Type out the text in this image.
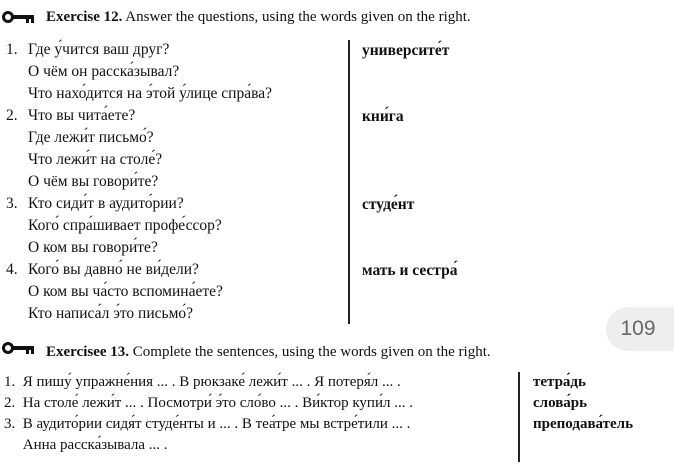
Exercise 12. Answer the questions, using the words given on the right.
1. Где у́чится ваш друг?
О чём он расска́зывал?
Что нахо́дится на э́той у́лице спра́ва?
2. Что вы чита́ете?
Где лежи́т письмо́?
Что лежи́т на столе́?
О чём вы говори́те?
3. Кто сиди́т в аудито́рии?
Кого́ спра́шивает профе́ссор?
О ком вы говори́те?
4. Кого́ вы давно́ не ви́дели?
О ком вы ча́сто вспомина́ете?
Кто написа́л э́то письмо́?
университе́т
кни́га
студе́нт
мать и сестра́
109
Exercisee 13. Complete the sentences, using the words given on the right.
1.  Я пишу́ упражне́ния ... . В рюкзаке́ лежи́т ... . Я потеря́л ... .
2.  На столе́ лежи́т ... . Посмотри́ э́то сло́во ... . Ви́ктор купи́л ... .
3.  В аудито́рии сидя́т студе́нты и ... . В теа́тре мы встре́тили ... .
Анна расска́зывала ... .
тетра́дь
слова́рь
преподава́тель
